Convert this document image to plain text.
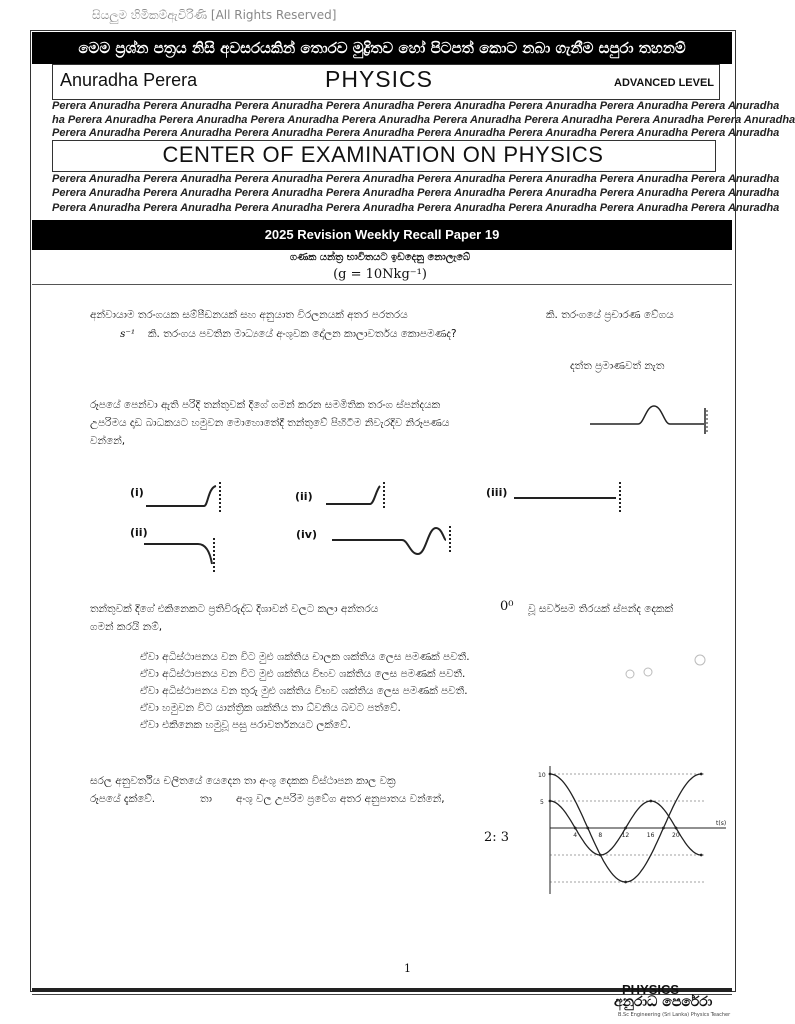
සියලුම හිමිකම්ඇවිරිණි [All Rights Reserved]
මෙම ප්‍රශ්න පත්‍රය නිසි අවසරයකින් තොරව මුද්‍රිතව හෝ පිටපත් කොට නබා ගැනීම සපුරා තහනම්
Anuradha Perera	PHYSICS	ADVANCED LEVEL
Perera Anuradha Perera Anuradha Perera Anuradha Perera Anuradha Perera Anuradha Perera Anuradha Perera Anuradha Perera Anuradha
ha Perera Anuradha Perera Anuradha Perera Anuradha Perera Anuradha Perera Anuradha Perera Anuradha Perera Anuradha Perera Anuradha
Perera Anuradha Perera Anuradha Perera Anuradha Perera Anuradha Perera Anuradha Perera Anuradha Perera Anuradha Perera Anuradha
CENTER OF EXAMINATION ON PHYSICS
Perera Anuradha Perera Anuradha Perera Anuradha Perera Anuradha Perera Anuradha Perera Anuradha Perera Anuradha Perera Anuradha
Perera Anuradha Perera Anuradha Perera Anuradha Perera Anuradha Perera Anuradha Perera Anuradha Perera Anuradha Perera Anuradha
Perera Anuradha Perera Anuradha Perera Anuradha Perera Anuradha Perera Anuradha Perera Anuradha Perera Anuradha Perera Anuradha
2025 Revision Weekly Recall Paper 19
ගණක යන්ත්‍ර භාවිතයට ඉඩදෙනු නොලැබේ
(g = 10Nkg⁻¹)
අන්වායාම තරංගයක සම්පීඩනයක් සහ අනුයාත විරලනයක් අතර පරතරය	කි. තරංගයේ ප්‍රචාරණ වේගය
s⁻¹ කි. තරංගය පවතින මාධ්‍යයේ අංශුවක දෝලන කාලාවර්තය කොපමණද?
දත්ත ප්‍රමාණවත් නැත
රූපයේ පෙන්වා ඇති පරිදි තන්තුවක් දිගේ ගමන් කරන සමමිතික තරංග ස්පන්දයක
උපරිමය දෘඩ බාධකයට හමුවන මොහොතේදී තන්තුවේ පිහිටීම නිවැරදිව නිරූපණය
වන්නේ,
(i)	(ii)	(iii)
(ii)	(iv)
තන්තුවක් දිගේ එකිනෙකට ප්‍රතිවිරුද්ධ දිශාවන් වලට කලා අන්තරය	0⁰ වූ සර්වසම තිරයක් ස්පන්ද දෙකක්
ගමන් කරයි නම්,
ඒවා අධිස්ථාපනය වන විට මුළු ශක්තිය චාලක ශක්තිය ලෙස පමණක් පවතී.
ඒවා අධිස්ථාපනය වන විට මුළු ශක්තිය විභව ශක්තිය ලෙස පමණක් පවතී.
ඒවා අධිස්ථාපනය වන තුරු මුළු ශක්තිය විභව ශක්තිය ලෙස පමණක් පවතී.
ඒවා හමුවන විට යාන්ත්‍රික ශක්තිය තා ධ්වනිය බවට පත්වේ.
ඒවා එකිනෙක හමුවූ පසු පරාවර්තනයට ලක්වේ.
සරල අනුවර්තිය චලිතයේ යෙදෙන තා අංශු දෙකක විස්ථාපන කාල වක්‍ර
රූපයේ දැක්වේ.	තා අංශු වල උපරිම ප්‍රවේග අතර අනුපාතය වන්නේ,
2: 3
10
5
4	8	12	16	20
t(s)
1
PHYSICS
අනුරාධ පෙරේරා
B.Sc Engineering (Sri Lanka) Physics Teacher
